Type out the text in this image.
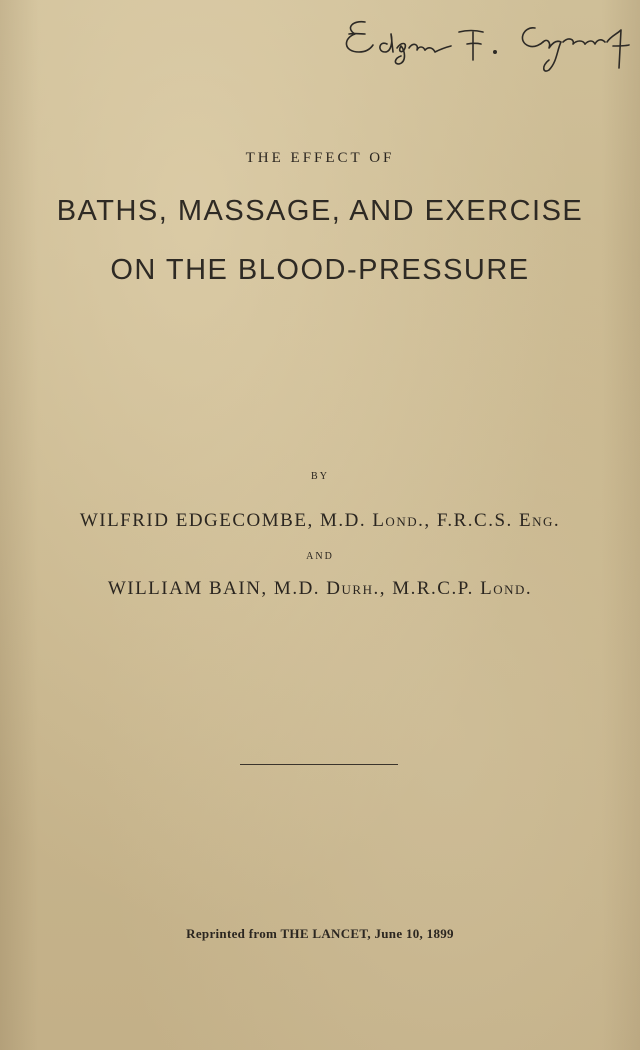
THE EFFECT OF
BATHS, MASSAGE, AND EXERCISE
ON THE BLOOD-PRESSURE
BY
WILFRID EDGECOMBE, M.D. Lond., F.R.C.S. Eng.
AND
WILLIAM BAIN, M.D. Durh., M.R.C.P. Lond.
Reprinted from THE LANCET, June 10, 1899
